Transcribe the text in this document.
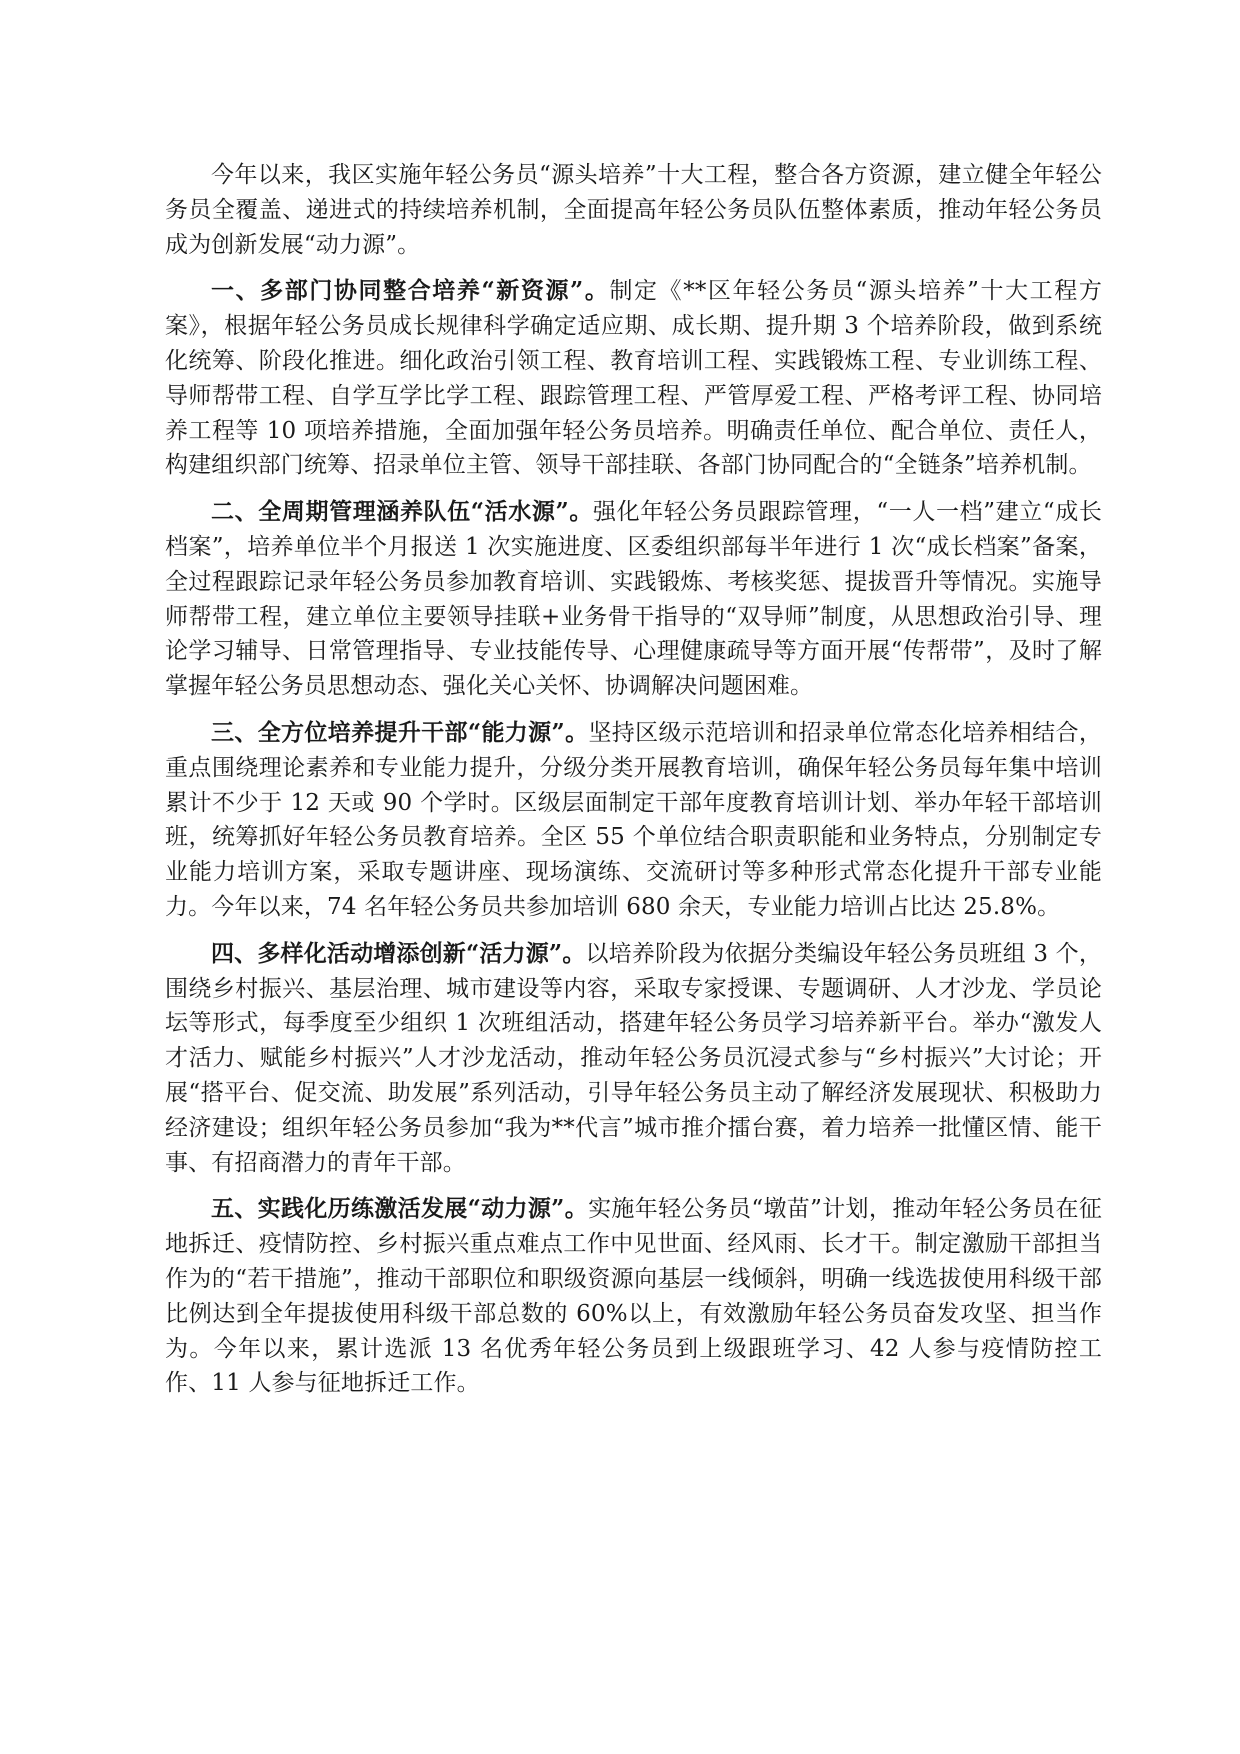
今年以来，我区实施年轻公务员“源头培养”十大工程，整合各方资源，建立健全年轻公务员全覆盖、递进式的持续培养机制，全面提高年轻公务员队伍整体素质，推动年轻公务员成为创新发展“动力源”。

一、多部门协同整合培养“新资源”。制定《**区年轻公务员“源头培养”十大工程方案》，根据年轻公务员成长规律科学确定适应期、成长期、提升期 3 个培养阶段，做到系统化统筹、阶段化推进。细化政治引领工程、教育培训工程、实践锻炼工程、专业训练工程、导师帮带工程、自学互学比学工程、跟踪管理工程、严管厚爱工程、严格考评工程、协同培养工程等 10 项培养措施，全面加强年轻公务员培养。明确责任单位、配合单位、责任人，构建组织部门统筹、招录单位主管、领导干部挂联、各部门协同配合的“全链条”培养机制。

二、全周期管理涵养队伍“活水源”。强化年轻公务员跟踪管理，“一人一档”建立“成长档案”，培养单位半个月报送 1 次实施进度、区委组织部每半年进行 1 次“成长档案”备案，全过程跟踪记录年轻公务员参加教育培训、实践锻炼、考核奖惩、提拔晋升等情况。实施导师帮带工程，建立单位主要领导挂联+业务骨干指导的“双导师”制度，从思想政治引导、理论学习辅导、日常管理指导、专业技能传导、心理健康疏导等方面开展“传帮带”，及时了解掌握年轻公务员思想动态、强化关心关怀、协调解决问题困难。

三、全方位培养提升干部“能力源”。坚持区级示范培训和招录单位常态化培养相结合，重点围绕理论素养和专业能力提升，分级分类开展教育培训，确保年轻公务员每年集中培训累计不少于 12 天或 90 个学时。区级层面制定干部年度教育培训计划、举办年轻干部培训班，统筹抓好年轻公务员教育培养。全区 55 个单位结合职责职能和业务特点，分别制定专业能力培训方案，采取专题讲座、现场演练、交流研讨等多种形式常态化提升干部专业能力。今年以来，74 名年轻公务员共参加培训 680 余天，专业能力培训占比达 25.8%。

四、多样化活动增添创新“活力源”。以培养阶段为依据分类编设年轻公务员班组 3 个，围绕乡村振兴、基层治理、城市建设等内容，采取专家授课、专题调研、人才沙龙、学员论坛等形式，每季度至少组织 1 次班组活动，搭建年轻公务员学习培养新平台。举办“激发人才活力、赋能乡村振兴”人才沙龙活动，推动年轻公务员沉浸式参与“乡村振兴”大讨论；开展“搭平台、促交流、助发展”系列活动，引导年轻公务员主动了解经济发展现状、积极助力经济建设；组织年轻公务员参加“我为**代言”城市推介擂台赛，着力培养一批懂区情、能干事、有招商潜力的青年干部。

五、实践化历练激活发展“动力源”。实施年轻公务员“墩苗”计划，推动年轻公务员在征地拆迁、疫情防控、乡村振兴重点难点工作中见世面、经风雨、长才干。制定激励干部担当作为的“若干措施”，推动干部职位和职级资源向基层一线倾斜，明确一线选拔使用科级干部比例达到全年提拔使用科级干部总数的 60%以上，有效激励年轻公务员奋发攻坚、担当作为。今年以来，累计选派 13 名优秀年轻公务员到上级跟班学习、42 人参与疫情防控工作、11 人参与征地拆迁工作。
